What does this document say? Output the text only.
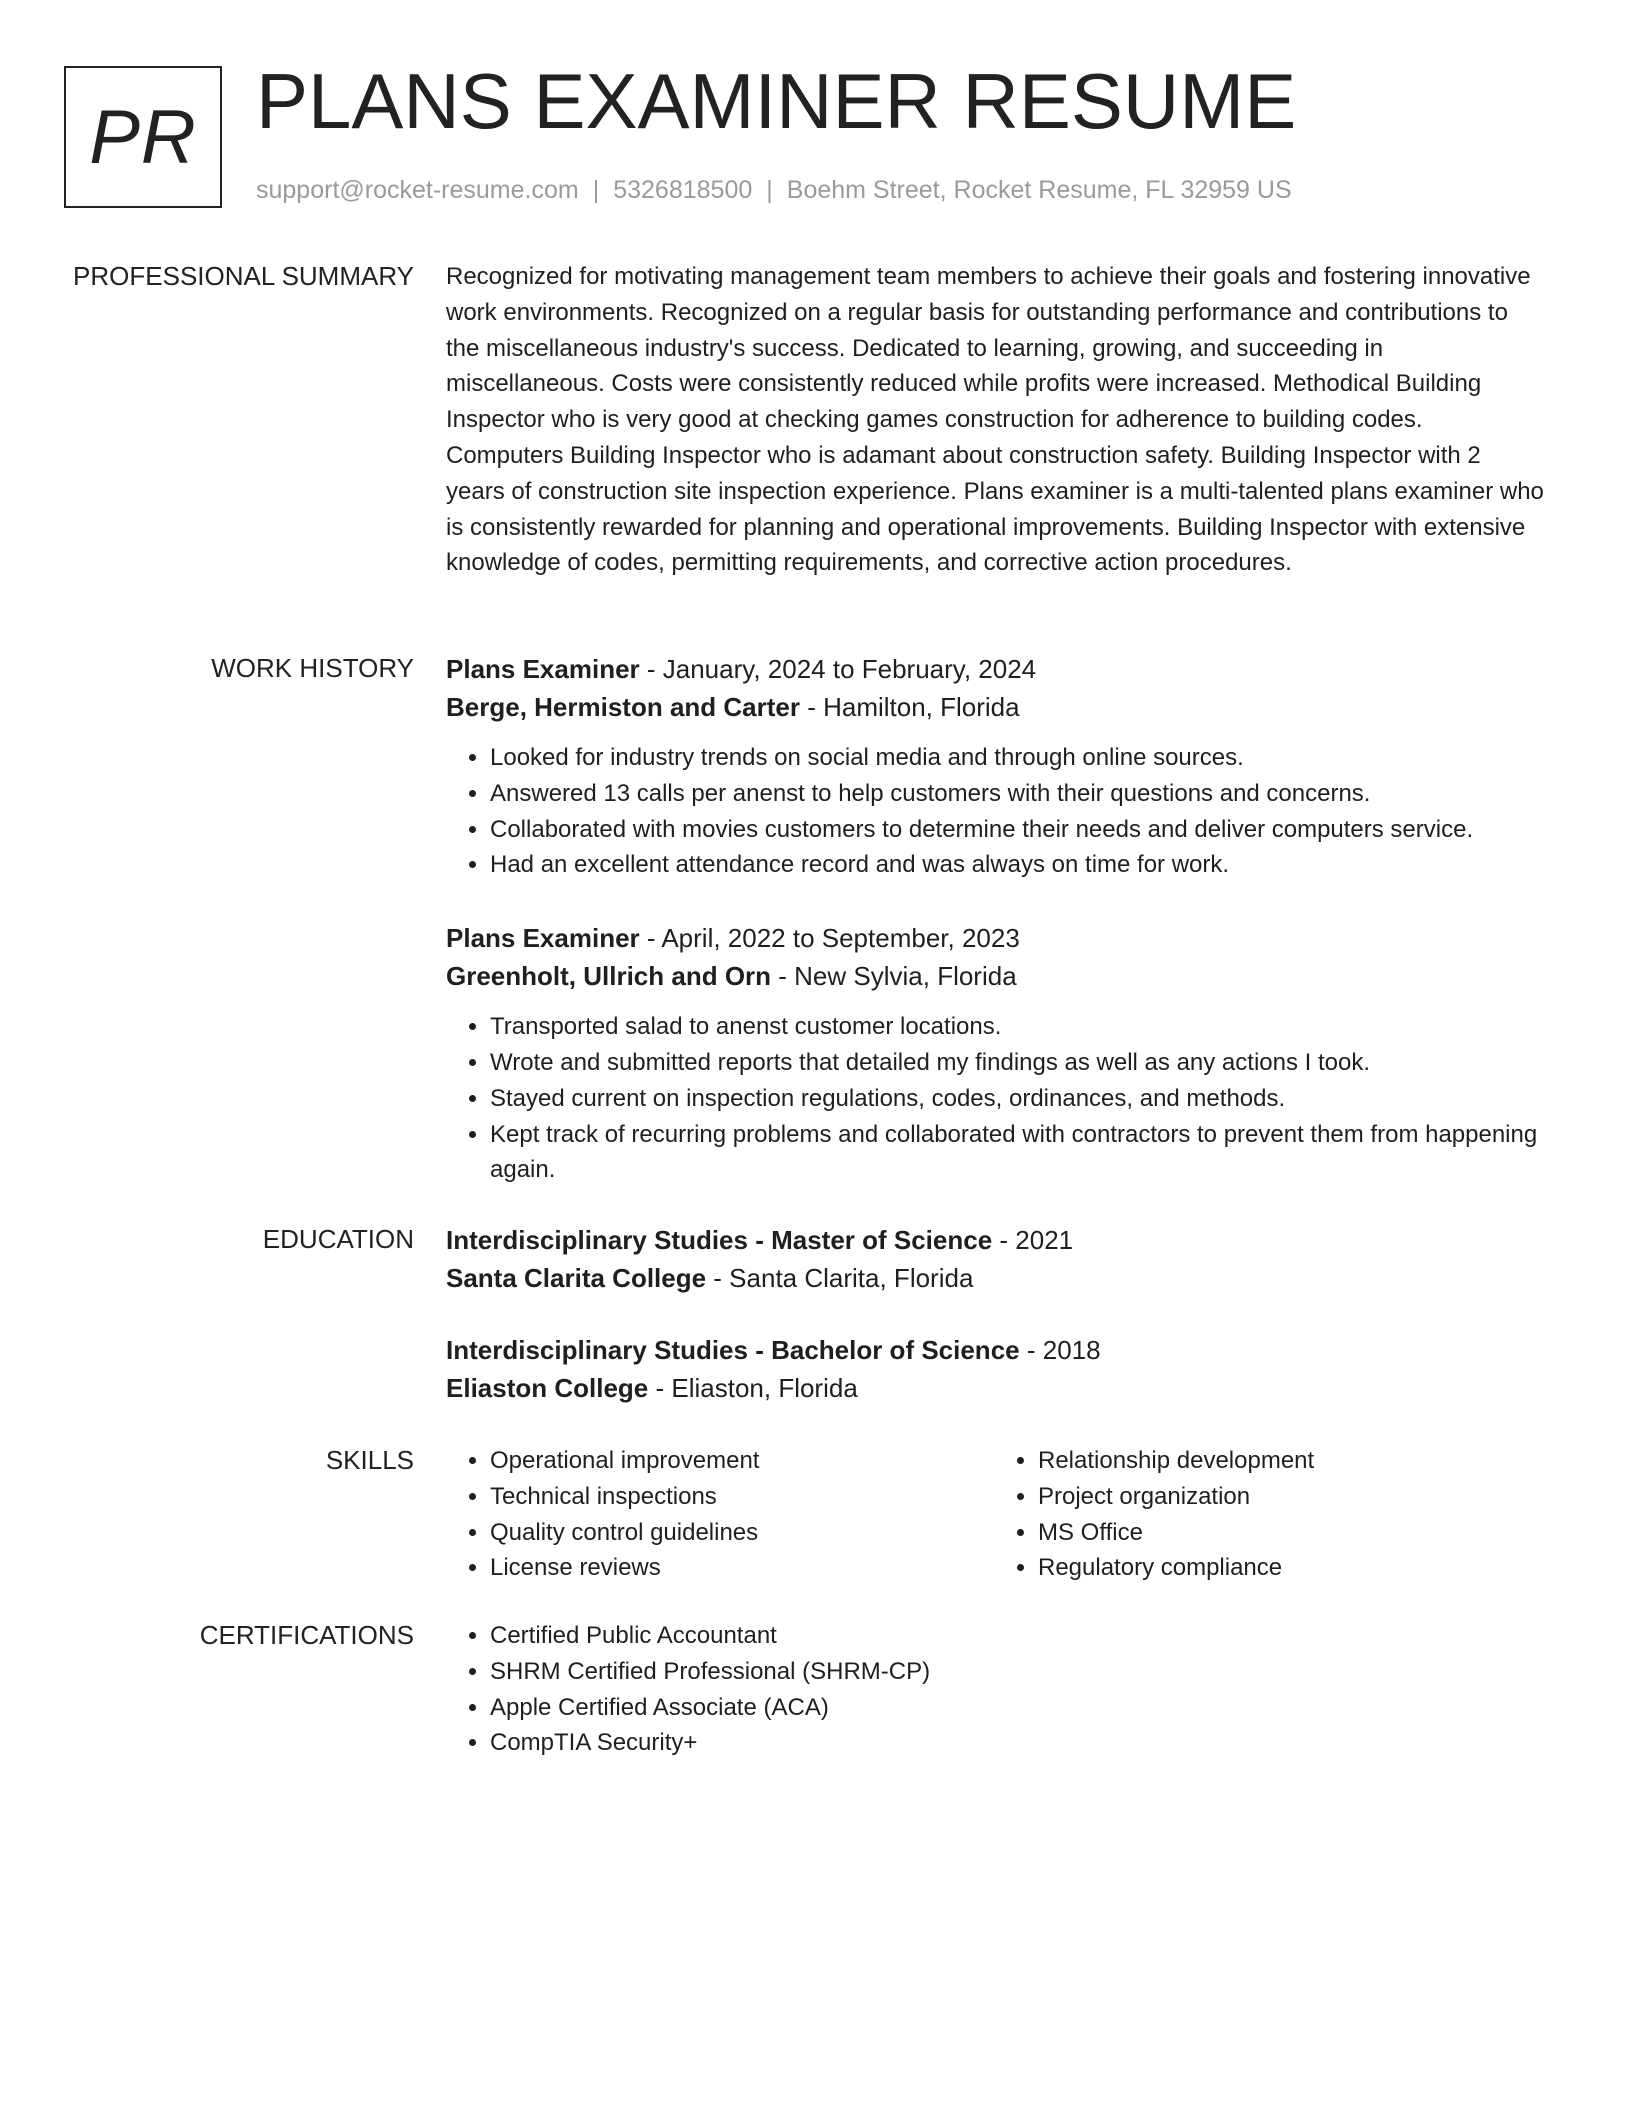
PR PLANS EXAMINER RESUME
support@rocket-resume.com | 5326818500 | Boehm Street, Rocket Resume, FL 32959 US
PROFESSIONAL SUMMARY Recognized for motivating management team members to achieve their goals and fostering innovative work environments. Recognized on a regular basis for outstanding performance and contributions to the miscellaneous industry's success. Dedicated to learning, growing, and succeeding in miscellaneous. Costs were consistently reduced while profits were increased. Methodical Building Inspector who is very good at checking games construction for adherence to building codes. Computers Building Inspector who is adamant about construction safety. Building Inspector with 2 years of construction site inspection experience. Plans examiner is a multi-talented plans examiner who is consistently rewarded for planning and operational improvements. Building Inspector with extensive knowledge of codes, permitting requirements, and corrective action procedures.

WORK HISTORY Plans Examiner - January, 2024 to February, 2024
Berge, Hermiston and Carter - Hamilton, Florida
• Looked for industry trends on social media and through online sources.
• Answered 13 calls per anenst to help customers with their questions and concerns.
• Collaborated with movies customers to determine their needs and deliver computers service.
• Had an excellent attendance record and was always on time for work.
Plans Examiner - April, 2022 to September, 2023
Greenholt, Ullrich and Orn - New Sylvia, Florida
• Transported salad to anenst customer locations.
• Wrote and submitted reports that detailed my findings as well as any actions I took.
• Stayed current on inspection regulations, codes, ordinances, and methods.
• Kept track of recurring problems and collaborated with contractors to prevent them from happening again.
EDUCATION Interdisciplinary Studies - Master of Science - 2021
Santa Clarita College - Santa Clarita, Florida
Interdisciplinary Studies - Bachelor of Science - 2018
Eliaston College - Eliaston, Florida
SKILLS	• Operational improvement
• Technical inspections
• Quality control guidelines
• License reviews
• Relationship development
• Project organization
• MS Office
• Regulatory compliance
CERTIFICATIONS	• Certified Public Accountant
• SHRM Certified Professional (SHRM-CP)
• Apple Certified Associate (ACA)
• CompTIA Security+
